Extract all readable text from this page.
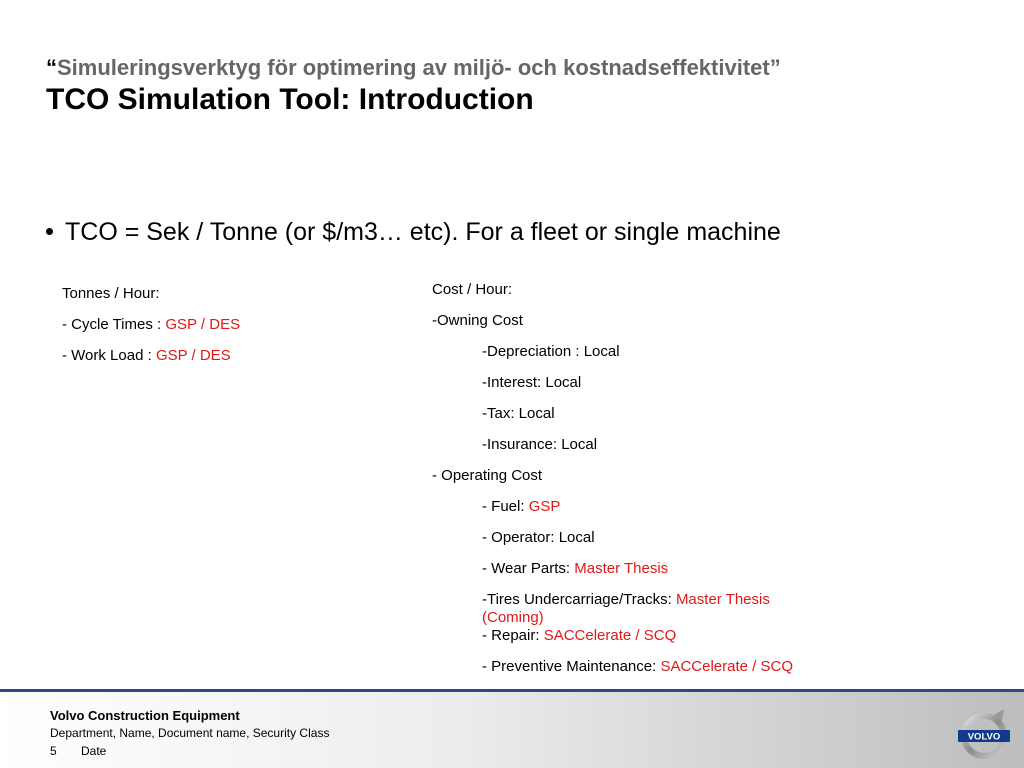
“Simuleringsverktyg för optimering av miljö- och kostnadseffektivitet”
TCO Simulation Tool: Introduction
TCO = Sek / Tonne (or $/m3… etc). For a fleet or single machine

Tonnes / Hour:

- Cycle Times : GSP / DES

- Work Load : GSP / DES

Cost / Hour:

-Owning Cost

-Depreciation : Local

-Interest: Local

-Tax: Local

-Insurance: Local

- Operating Cost

- Fuel: GSP

- Operator: Local

- Wear Parts: Master Thesis

-Tires Undercarriage/Tracks: Master Thesis (Coming)

- Repair: SACCelerate / SCQ

- Preventive Maintenance: SACCelerate / SCQ

Volvo Construction Equipment
Department, Name, Document name, Security Class
5 Date
VOLVO
